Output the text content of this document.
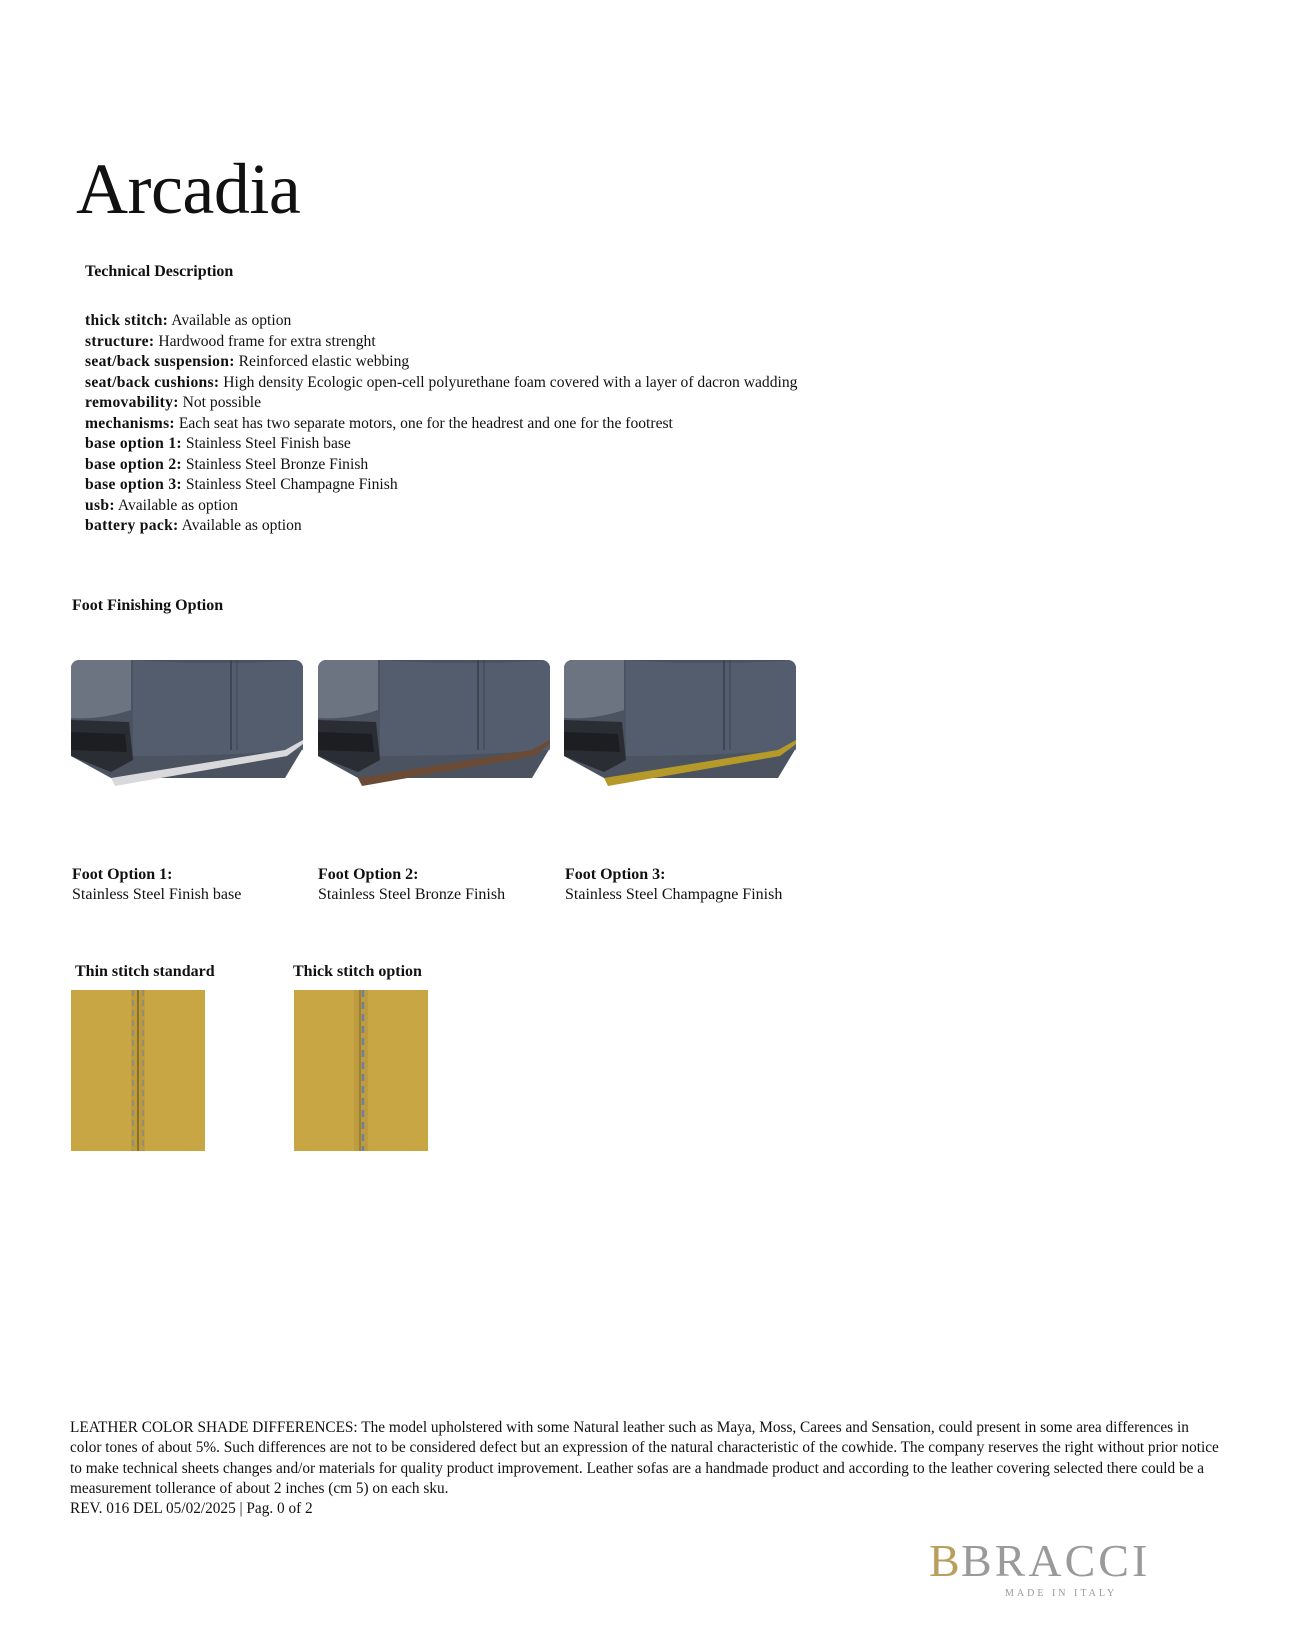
Arcadia
Technical Description
thick stitch: Available as option
structure: Hardwood frame for extra strenght
seat/back suspension: Reinforced elastic webbing
seat/back cushions: High density Ecologic open-cell polyurethane foam covered with a layer of dacron wadding
removability: Not possible
mechanisms: Each seat has two separate motors, one for the headrest and one for the footrest
base option 1: Stainless Steel Finish base
base option 2: Stainless Steel Bronze Finish
base option 3: Stainless Steel Champagne Finish
usb: Available as option
battery pack: Available as option
Foot Finishing Option
Foot Option 1:
Stainless Steel Finish base
Foot Option 2:
Stainless Steel Bronze Finish
Foot Option 3:
Stainless Steel Champagne Finish
Thin stitch standard	Thick stitch option
LEATHER COLOR SHADE DIFFERENCES: The model upholstered with some Natural leather such as Maya, Moss, Carees and Sensation, could present in some area differences in color tones of about 5%. Such differences are not to be considered defect but an expression of the natural characteristic of the cowhide. The company reserves the right without prior notice to make technical sheets changes and/or materials for quality product improvement. Leather sofas are a handmade product and according to the leather covering selected there could be a measurement tollerance of about 2 inches (cm 5) on each sku.
REV. 016 DEL 05/02/2025 | Pag. 0 of 2
B BRACCI
MADE IN ITALY
